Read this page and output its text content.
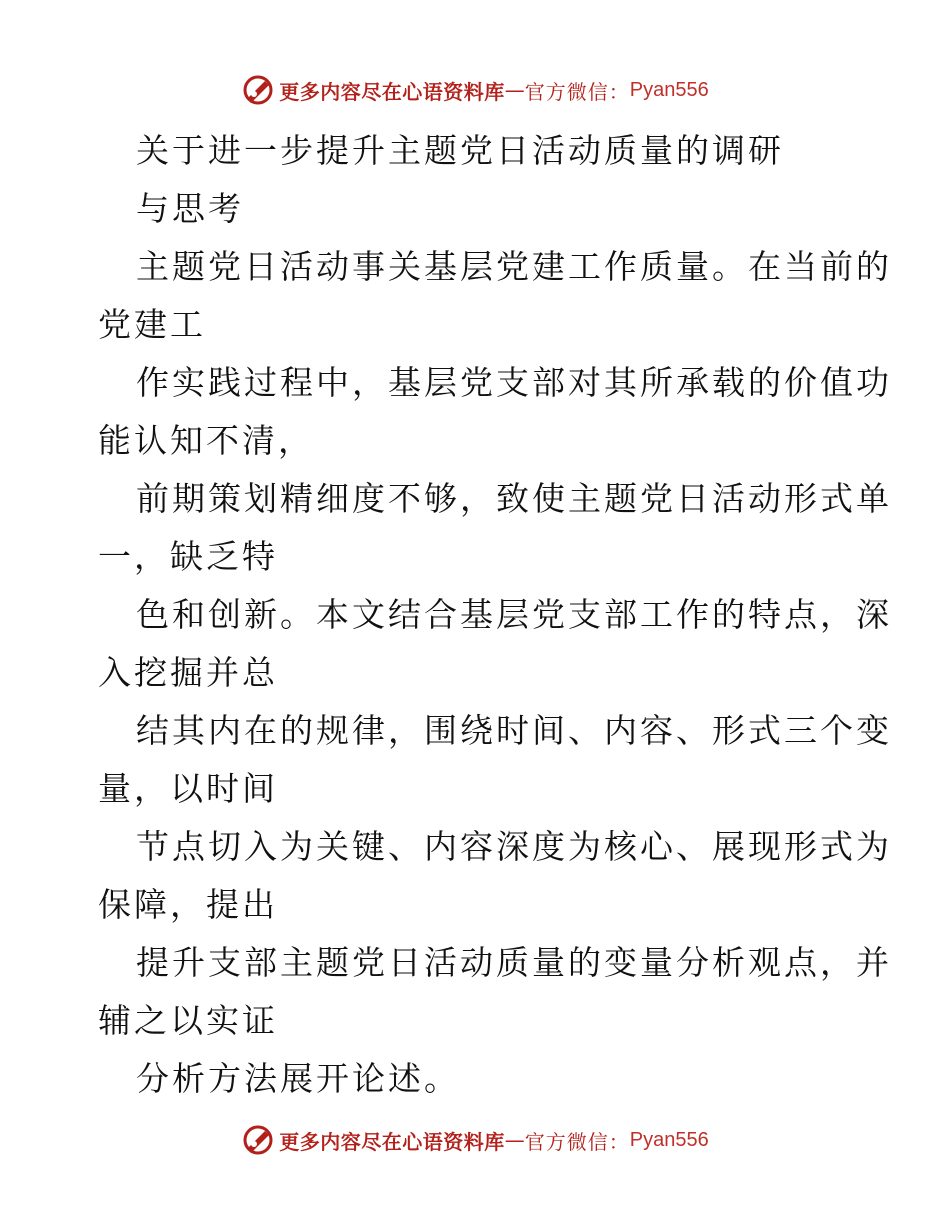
更多内容尽在心语资料库 — 官方微信： Pyan556
关于进一步提升主题党日活动质量的调研
与思考
主题党日活动事关基层党建工作质量。在当前的
党建工
作实践过程中，基层党支部对其所承载的价值功
能认知不清，
前期策划精细度不够，致使主题党日活动形式单
一，缺乏特
色和创新。本文结合基层党支部工作的特点，深
入挖掘并总
结其内在的规律，围绕时间、内容、形式三个变
量，以时间
节点切入为关键、内容深度为核心、展现形式为
保障，提出
提升支部主题党日活动质量的变量分析观点，并
辅之以实证
分析方法展开论述。
更多内容尽在心语资料库 — 官方微信： Pyan556
